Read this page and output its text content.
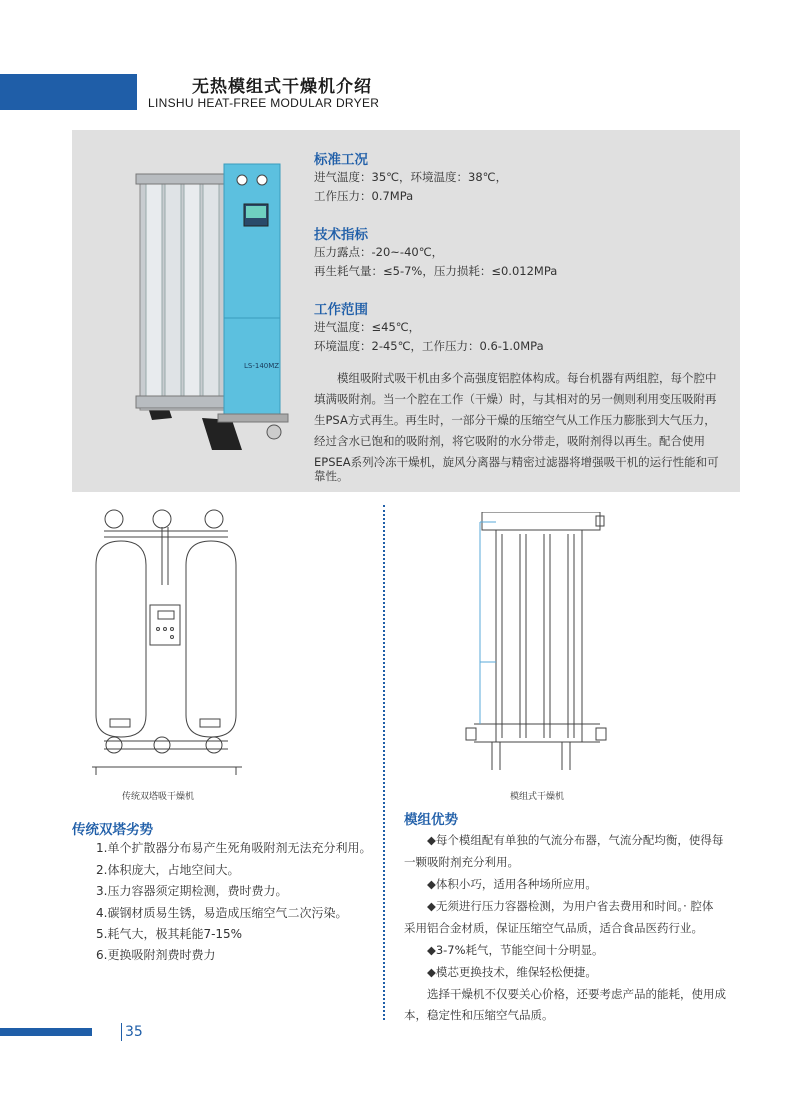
无热模组式干燥机介绍
LINSHU HEAT-FREE MODULAR DRYER
LS-140MZ
标准工况
进气温度：35℃，环境温度：38℃，
工作压力：0.7MPa
技术指标
压力露点：-20~-40℃，
再生耗气量：≤5-7%，压力损耗：≤0.012MPa
工作范围
进气温度：≤45℃，
环境温度：2-45℃，工作压力：0.6-1.0MPa
　　模组吸附式吸干机由多个高强度铝腔体构成。每台机器有两组腔，每个腔中
填满吸附剂。当一个腔在工作（干燥）时，与其相对的另一侧则利用变压吸附再
生PSA方式再生。再生时，一部分干燥的压缩空气从工作压力膨胀到大气压力，
经过含水已饱和的吸附剂，将它吸附的水分带走，吸附剂得以再生。配合使用
EPSEA系列冷冻干燥机，旋风分离器与精密过滤器将增强吸干机的运行性能和可
靠性。
传统双塔吸干燥机	模组式干燥机
传统双塔劣势
1.单个扩散器分布易产生死角吸附剂无法充分利用。
2.体积庞大，占地空间大。
3.压力容器须定期检测，费时费力。
4.碳钢材质易生锈，易造成压缩空气二次污染。
5.耗气大，极其耗能7-15%
6.更换吸附剂费时费力
模组优势
　　◆每个模组配有单独的气流分布器，气流分配均衡，使得每
一颗吸附剂充分利用。
　　◆体积小巧，适用各种场所应用。
　　◆无须进行压力容器检测，为用户省去费用和时间。· 腔体
采用铝合金材质，保证压缩空气品质，适合食品医药行业。
　　◆3-7%耗气，节能空间十分明显。
　　◆模芯更换技术，维保轻松便捷。
　　选择干燥机不仅要关心价格，还要考虑产品的能耗，使用成
本，稳定性和压缩空气品质。
35
